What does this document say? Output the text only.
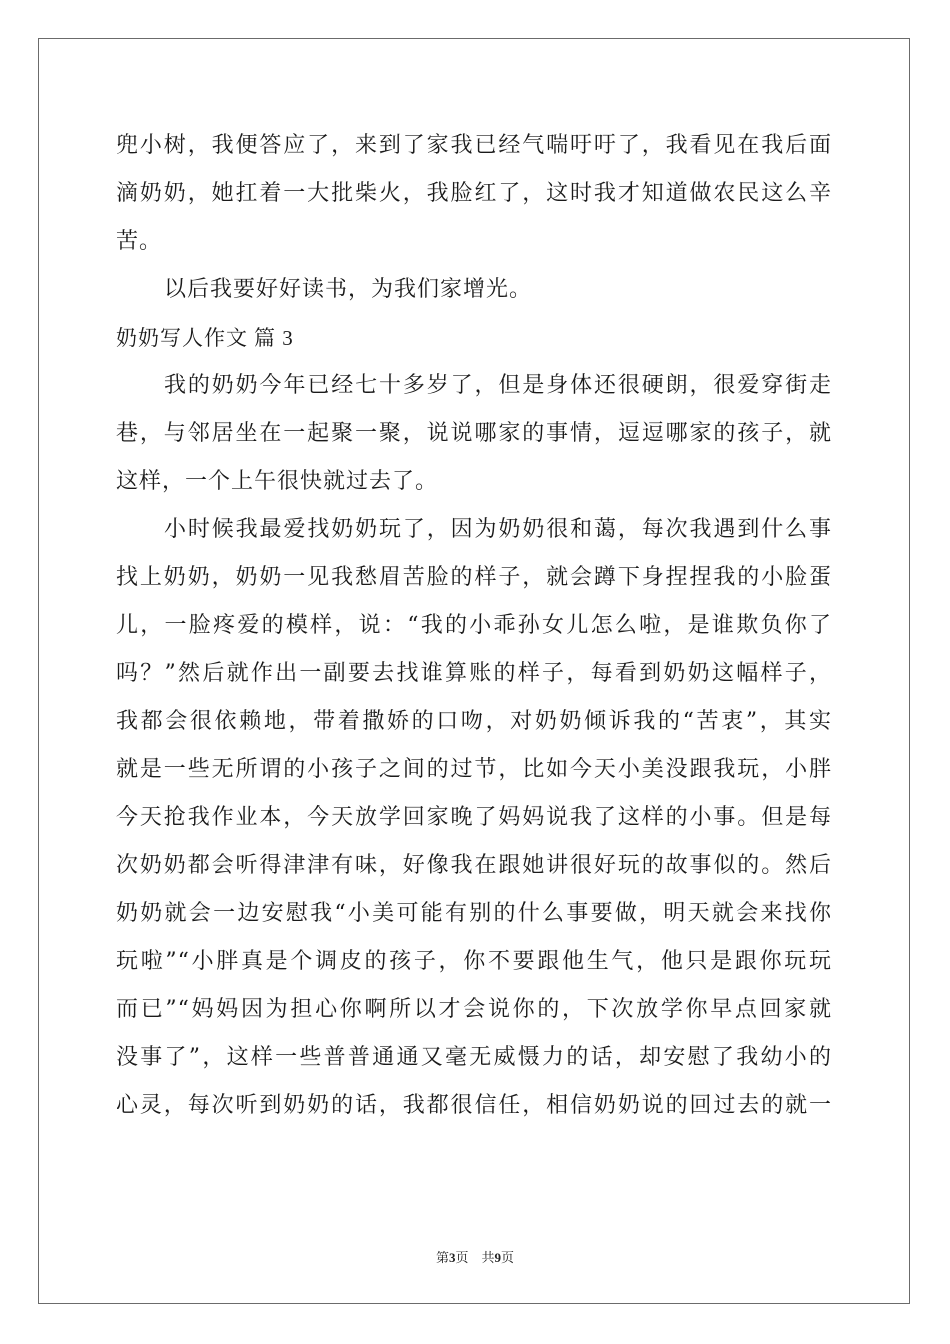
兜小树，我便答应了，来到了家我已经气喘吁吁了，我看见在我后面
滴奶奶，她扛着一大批柴火，我脸红了，这时我才知道做农民这么辛
苦。
以后我要好好读书，为我们家增光。
奶奶写人作文 篇 3
我的奶奶今年已经七十多岁了，但是身体还很硬朗，很爱穿街走
巷，与邻居坐在一起聚一聚，说说哪家的事情，逗逗哪家的孩子，就
这样，一个上午很快就过去了。
小时候我最爱找奶奶玩了，因为奶奶很和蔼，每次我遇到什么事
找上奶奶，奶奶一见我愁眉苦脸的样子，就会蹲下身捏捏我的小脸蛋
儿，一脸疼爱的模样，说：“我的小乖孙女儿怎么啦，是谁欺负你了
吗？”然后就作出一副要去找谁算账的样子，每看到奶奶这幅样子，
我都会很依赖地，带着撒娇的口吻，对奶奶倾诉我的“苦衷”，其实
就是一些无所谓的小孩子之间的过节，比如今天小美没跟我玩，小胖
今天抢我作业本，今天放学回家晚了妈妈说我了这样的小事。但是每
次奶奶都会听得津津有味，好像我在跟她讲很好玩的故事似的。然后
奶奶就会一边安慰我“小美可能有别的什么事要做，明天就会来找你
玩啦”“小胖真是个调皮的孩子，你不要跟他生气，他只是跟你玩玩
而已”“妈妈因为担心你啊所以才会说你的，下次放学你早点回家就
没事了”，这样一些普普通通又毫无威慑力的话，却安慰了我幼小的
心灵，每次听到奶奶的话，我都很信任，相信奶奶说的回过去的就一
第3页　共9页
